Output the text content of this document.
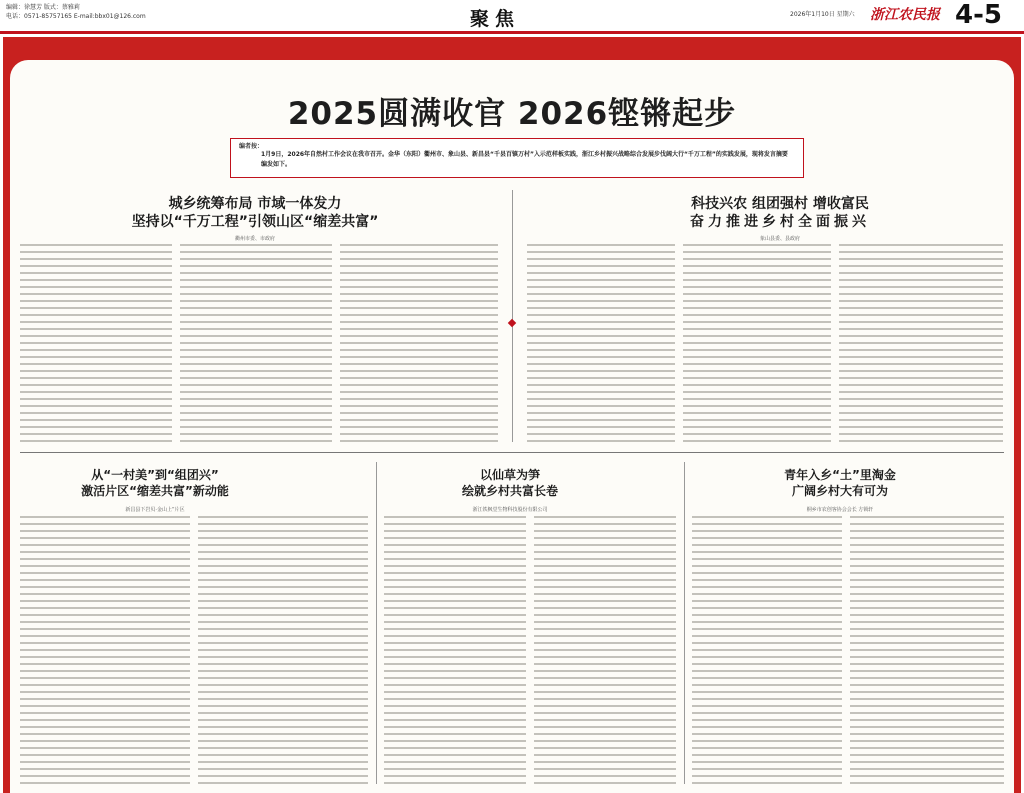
编辑：徐慧芳 版式：蔡雅莉
电话：0571-85757165 E-mail:bbx01@126.com	聚焦	2026年1月10日 星期六 浙江农民报 4-5
2025圆满收官 2026铿锵起步
编者按：
1月9日，2026年自然村工作会议在我市召开。金华（东阳）衢州市、象山县、新昌县“千县百镇万村”入示范样板实践，浙江乡村振兴战略综合发展步伐阔大行“千万工程”的实践发展，现将发言摘要编发如下。
城乡统筹布局 市域一体发力
坚持以“千万工程”引领山区“缩差共富”
衢州市委、市政府
科技兴农 组团强村 增收富民
奋力推进乡村全面振兴
象山县委、县政府
从“一村美”到“组团兴”
激活片区“缩差共富”新动能
新昌县下岩贝·金山上“片区
以仙草为笋
绘就乡村共富长卷
浙江铁枫堂生物科技股份有限公司
青年入乡“土”里淘金
广阔乡村大有可为
桐乡市农创客协会会长 方锁轩
